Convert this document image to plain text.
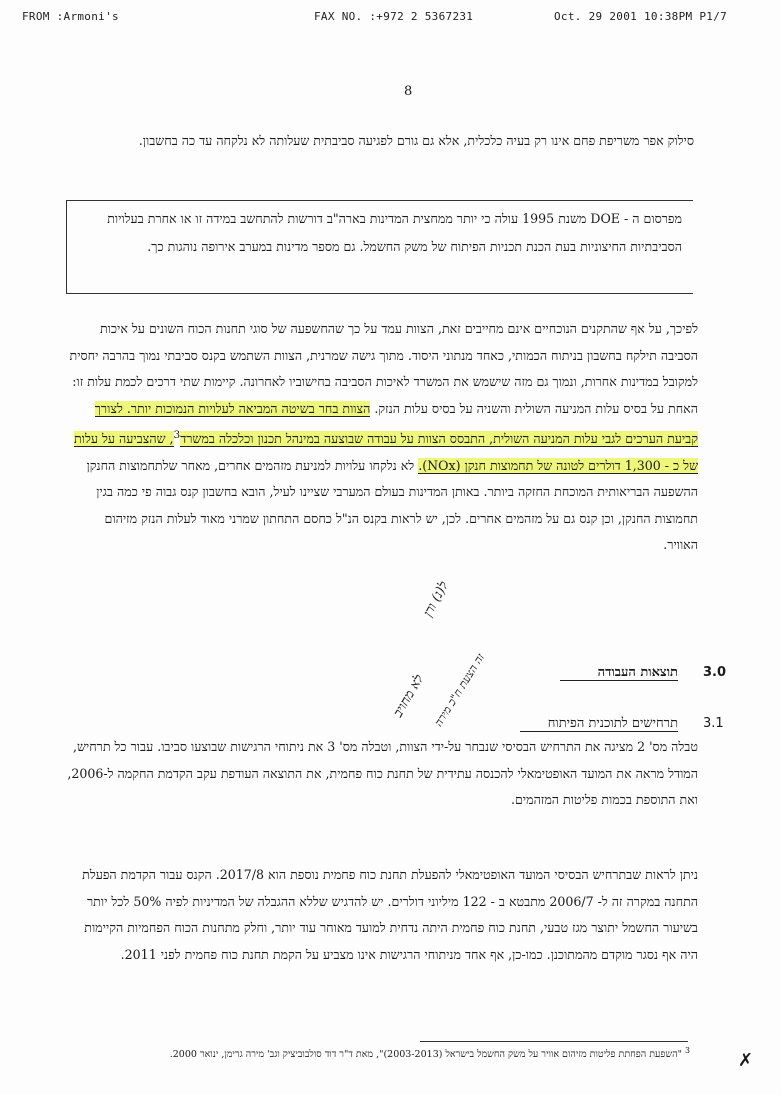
FROM :Armoni's	FAX NO. :+972 2 5367231	Oct. 29 2001 10:38PM P1/7
8
סילוק אפר משריפת פחם אינו רק בעיה כלכלית, אלא גם גורם לפגיעה סביבתית שעלותה לא נלקחה עד כה בחשבון.
מפרסום ה - DOE משנת 1995 עולה כי יותר ממחצית המדינות בארה"ב דורשות להתחשב במידה זו או אחרת בעלויות הסביבתיות החיצוניות בעת הכנת תכניות הפיתוח של משק החשמל. גם מספר מדינות במערב אירופה נוהגות כך.
לפיכך, על אף שהתקנים הנוכחיים אינם מחייבים זאת, הצוות עמד על כך שהחשפעה של סוגי תחנות הכוח השונים על איכות הסביבה תילקח בחשבון בניתוח הכמותי, כאחד מנתוני היסוד. מתוך גישה שמרנית, הצוות השתמש בקנס סביבתי נמוך בהרבה יחסית למקובל במדינות אחרות, ונמוך גם מזה שישמש את המשרד לאיכות הסביבה בחישוביו לאחרונה. קיימות שתי דרכים לכמת עלות זו: האחת על בסיס עלות המניעה השולית והשניה על בסיס עלות הנזק. הצוות בחר בשיטה המביאה לעלויות הנמוכות יותר. לצורך קביעת הערכים לגבי עלות המניעה השולית, התבסס הצוות על עבודה שבוצעה במינהל תכנון וכלכלה במשרד$^3$, שהצביעה על עלות של כ - 1,300 דולרים לטונה של תחמוצות חנקן (NOx). לא נלקחו עלויות למניעת מזהמים אחרים, מאחר שלתחמוצות החנקן ההשפעה הבריאותית המוכחת החזקה ביותר. באותן המדינות בעולם המערבי שציינו לעיל, הובא בחשבון קנס גבוה פי כמה בגין תחמוצות החנקן, וכן קנס גם על מזהמים אחרים. לכן, יש לראות בקנס הנ"ל כחסם התחתון שמרני מאוד לעלות הנזק מזיהום האוויר.
ל(נ) ורן
לא מחויב זה הצעת ח"כ מירה	3.0
תוצאות העבודה
3.1
תרחישים לתוכנית הפיתוח
טבלה מס' 2 מציגה את התרחיש הבסיסי שנבחר על-ידי הצוות, וטבלה מס' 3 את ניתוחי הרגישות שבוצעו סביבו. עבור כל תרחיש, המודל מראה את המועד האופטימאלי להכנסה עתידית של תחנת כוח פחמית, את התוצאה העודפת עקב הקדמת החקמה ל-2006, ואת התוספת בכמות פליטות המזהמים.
ניתן לראות שבתרחיש הבסיסי המועד האופטימאלי להפעלת תחנת כוח פחמית נוספת הוא 2017/8. הקנס עבור הקדמת הפעלת התחנה במקרה זה ל- 2006/7 מתבטא ב - 122 מיליוני דולרים. יש להדגיש שללא ההגבלה של המדיניות לפיה 50% לכל יותר בשיעור החשמל יתוצר מגז טבעי, תחנת כוח פחמית היתה נדחית למועד מאוחר עוד יותר, וחלק מתחנות הכוח הפחמיות הקיימות היה אף נסגר מוקדם מהמתוכנן. כמו-כן, אף אחד מניתוחי הרגישות אינו מצביע על הקמת תחנת כוח פחמית לפני 2011.
$^3$ "השפעת הפחתת פליטות מזיהום אוויר על משק החשמל בישראל (2003-2013)", מאת ד"ר דוד סולבוביציק וגב' מירה גרימן, ינואר 2000.	✗
